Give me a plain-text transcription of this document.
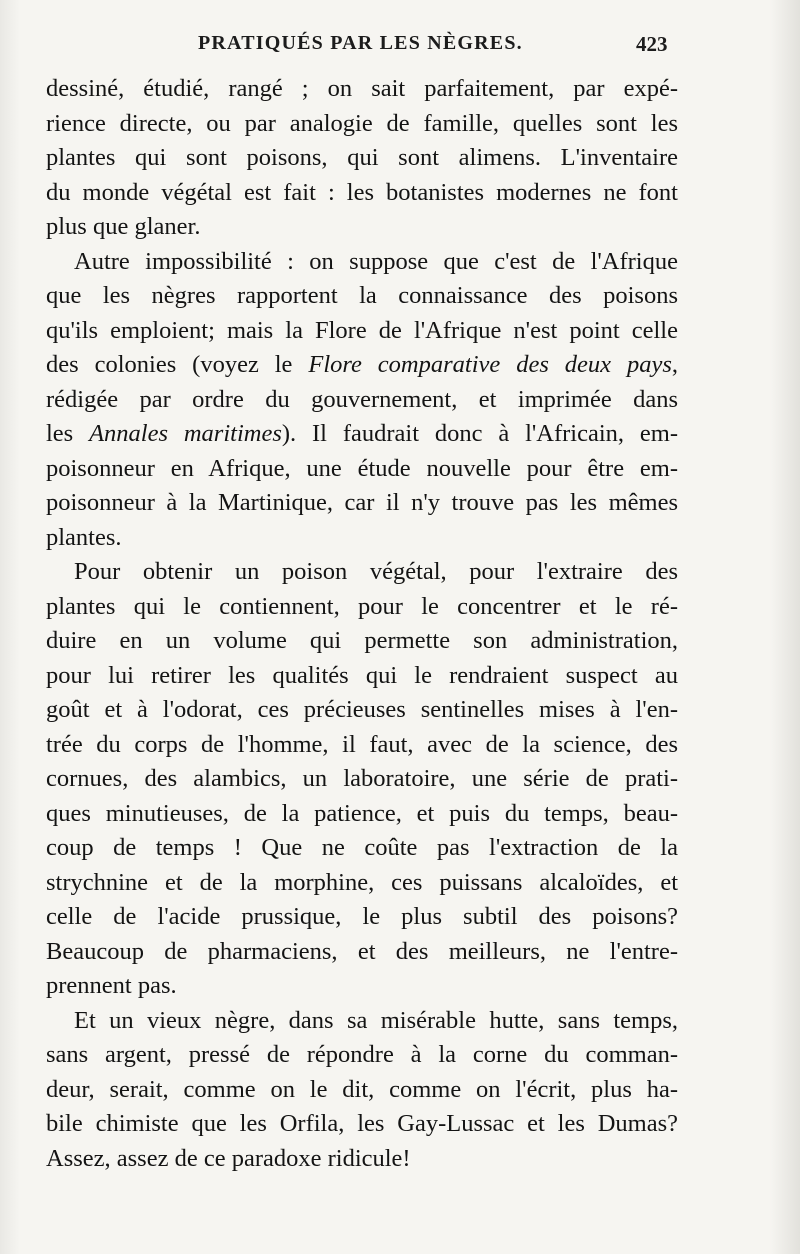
PRATIQUÉS PAR LES NÈGRES.	423
dessiné, étudié, rangé ; on sait parfaitement, par expé-
rience directe, ou par analogie de famille, quelles sont les
plantes qui sont poisons, qui sont alimens. L'inventaire
du monde végétal est fait : les botanistes modernes ne font
plus que glaner.
Autre impossibilité : on suppose que c'est de l'Afrique
que les nègres rapportent la connaissance des poisons
qu'ils emploient; mais la Flore de l'Afrique n'est point celle
des colonies (voyez le Flore comparative des deux pays,
rédigée par ordre du gouvernement, et imprimée dans
les Annales maritimes). Il faudrait donc à l'Africain, em-
poisonneur en Afrique, une étude nouvelle pour être em-
poisonneur à la Martinique, car il n'y trouve pas les mêmes
plantes.
Pour obtenir un poison végétal, pour l'extraire des
plantes qui le contiennent, pour le concentrer et le ré-
duire en un volume qui permette son administration,
pour lui retirer les qualités qui le rendraient suspect au
goût et à l'odorat, ces précieuses sentinelles mises à l'en-
trée du corps de l'homme, il faut, avec de la science, des
cornues, des alambics, un laboratoire, une série de prati-
ques minutieuses, de la patience, et puis du temps, beau-
coup de temps ! Que ne coûte pas l'extraction de la
strychnine et de la morphine, ces puissans alcaloïdes, et
celle de l'acide prussique, le plus subtil des poisons?
Beaucoup de pharmaciens, et des meilleurs, ne l'entre-
prennent pas.
Et un vieux nègre, dans sa misérable hutte, sans temps,
sans argent, pressé de répondre à la corne du comman-
deur, serait, comme on le dit, comme on l'écrit, plus ha-
bile chimiste que les Orfila, les Gay-Lussac et les Dumas?
Assez, assez de ce paradoxe ridicule!
